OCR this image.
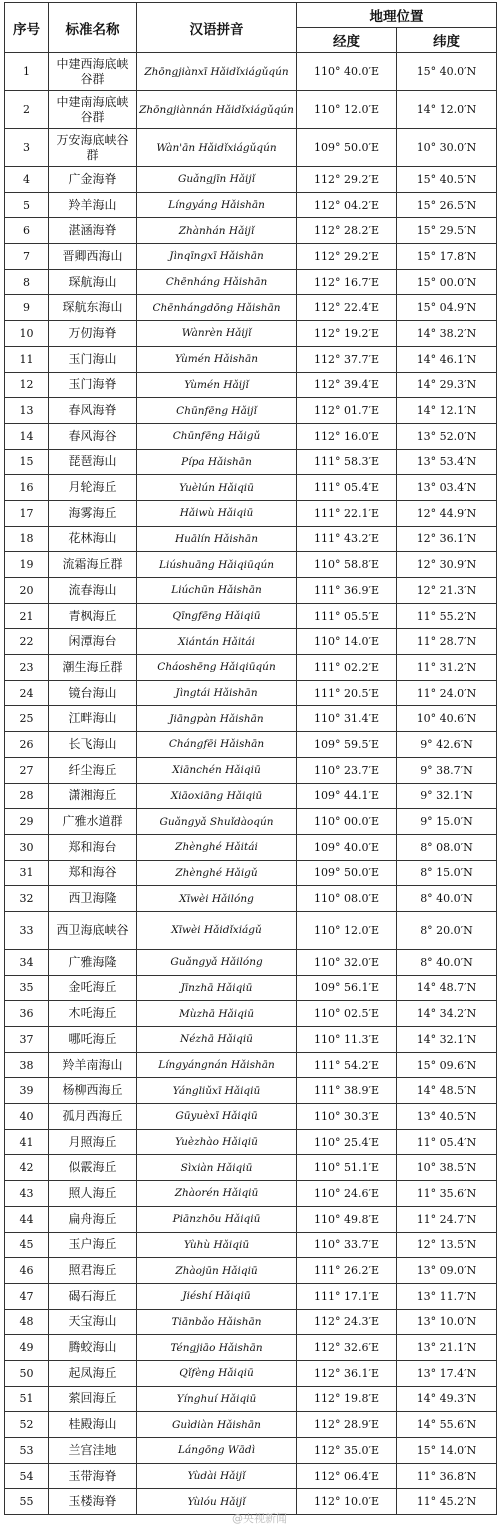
序号	标准名称	汉语拼音	地理位置	
			经度	纬度
1	中建西海底峡谷群	Zhōngjiànxī Hǎidǐxiágǔqún	110° 40.0′E	15° 40.0′N
2	中建南海底峡谷群	Zhōngjiànnán Hǎidǐxiágǔqún	110° 12.0′E	14° 12.0′N
3	万安海底峡谷群	Wàn'ān Hǎidǐxiágǔqún	109° 50.0′E	10° 30.0′N
4	广金海脊	Guǎngjīn Hǎijǐ	112° 29.2′E	15° 40.5′N
5	羚羊海山	Língyáng Hǎishān	112° 04.2′E	15° 26.5′N
6	湛涵海脊	Zhànhán Hǎijǐ	112° 28.2′E	15° 29.5′N
7	晋卿西海山	Jìnqīngxī Hǎishān	112° 29.2′E	15° 17.8′N
8	琛航海山	Chēnháng Hǎishān	112° 16.7′E	15° 00.0′N
9	琛航东海山	Chēnhángdōng Hǎishān	112° 22.4′E	15° 04.9′N
10	万仞海脊	Wànrèn Hǎijǐ	112° 19.2′E	14° 38.2′N
11	玉门海山	Yùmén Hǎishān	112° 37.7′E	14° 46.1′N
12	玉门海脊	Yùmén Hǎijǐ	112° 39.4′E	14° 29.3′N
13	春风海脊	Chūnfēng Hǎijǐ	112° 01.7′E	14° 12.1′N
14	春风海谷	Chūnfēng Hǎigǔ	112° 16.0′E	13° 52.0′N
15	琵琶海山	Pípa Hǎishān	111° 58.3′E	13° 53.4′N
16	月轮海丘	Yuèlún Hǎiqiū	111° 05.4′E	13° 03.4′N
17	海雾海丘	Hǎiwù Hǎiqiū	111° 22.1′E	12° 44.9′N
18	花林海山	Huālín Hǎishān	111° 43.2′E	12° 36.1′N
19	流霜海丘群	Liúshuāng Hǎiqiūqún	110° 58.8′E	12° 30.9′N
20	流春海山	Liúchūn Hǎishān	111° 36.9′E	12° 21.3′N
21	青枫海丘	Qīngfēng Hǎiqiū	111° 05.5′E	11° 55.2′N
22	闲潭海台	Xiántán Hǎitái	110° 14.0′E	11° 28.7′N
23	潮生海丘群	Cháoshēng Hǎiqiūqún	111° 02.2′E	11° 31.2′N
24	镜台海山	Jìngtái Hǎishān	111° 20.5′E	11° 24.0′N
25	江畔海山	Jiāngpàn Hǎishān	110° 31.4′E	10° 40.6′N
26	长飞海山	Chángfēi Hǎishān	109° 59.5′E	9° 42.6′N
27	纤尘海丘	Xiānchén Hǎiqiū	110° 23.7′E	9° 38.7′N
28	潇湘海丘	Xiāoxiāng Hǎiqiū	109° 44.1′E	9° 32.1′N
29	广雅水道群	Guǎngyǎ Shuǐdàoqún	110° 00.0′E	9° 15.0′N
30	郑和海台	Zhènghé Hǎitái	109° 40.0′E	8° 08.0′N
31	郑和海谷	Zhènghé Hǎigǔ	109° 50.0′E	8° 15.0′N
32	西卫海隆	Xīwèi Hǎilóng	110° 08.0′E	8° 40.0′N
33	西卫海底峡谷	Xīwèi Hǎidǐxiágǔ	110° 12.0′E	8° 20.0′N
34	广雅海隆	Guǎngyǎ Hǎilóng	110° 32.0′E	8° 40.0′N
35	金吒海丘	Jīnzhā Hǎiqiū	109° 56.1′E	14° 48.7′N
36	木吒海丘	Mùzhā Hǎiqiū	110° 02.5′E	14° 34.2′N
37	哪吒海丘	Nézhā Hǎiqiū	110° 11.3′E	14° 32.1′N
38	羚羊南海山	Língyángnán Hǎishān	111° 54.2′E	15° 09.6′N
39	杨柳西海丘	Yángliǔxī Hǎiqiū	111° 38.9′E	14° 48.5′N
40	孤月西海丘	Gūyuèxī Hǎiqiū	110° 30.3′E	13° 40.5′N
41	月照海丘	Yuèzhào Hǎiqiū	110° 25.4′E	11° 05.4′N
42	似霰海丘	Sìxiàn Hǎiqiū	110° 51.1′E	10° 38.5′N
43	照人海丘	Zhàorén Hǎiqiū	110° 24.6′E	11° 35.6′N
44	扁舟海丘	Piānzhōu Hǎiqiū	110° 49.8′E	11° 24.7′N
45	玉户海丘	Yùhù Hǎiqiū	110° 33.7′E	12° 13.5′N
46	照君海丘	Zhàojūn Hǎiqiū	111° 26.2′E	13° 09.0′N
47	碣石海丘	Jiéshí Hǎiqiū	111° 17.1′E	13° 11.7′N
48	天宝海山	Tiānbǎo Hǎishān	112° 24.3′E	13° 10.0′N
49	腾蛟海山	Téngjiāo Hǎishān	112° 32.6′E	13° 21.1′N
50	起凤海丘	Qǐfèng Hǎiqiū	112° 36.1′E	13° 17.4′N
51	萦回海丘	Yínghuí Hǎiqiū	112° 19.8′E	14° 49.3′N
52	桂殿海山	Guìdiàn Hǎishān	112° 28.9′E	14° 55.6′N
53	兰宫洼地	Lángōng Wādì	112° 35.0′E	15° 14.0′N
54	玉带海脊	Yùdài Hǎijǐ	112° 06.4′E	11° 36.8′N
55	玉楼海脊	Yùlóu Hǎijǐ	112° 10.0′E	11° 45.2′N
@央视新闻
